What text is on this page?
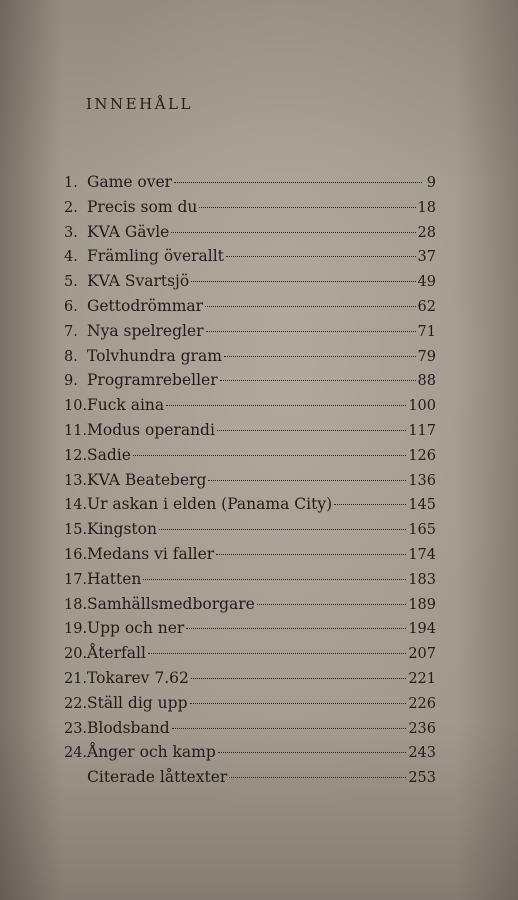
INNEHÅLL
1. Game over	9
2. Precis som du	18
3. KVA Gävle	28
4. Främling överallt	37
5. KVA Svartsjö	49
6. Gettodrömmar	62
7. Nya spelregler	71
8. Tolvhundra gram	79
9. Programrebeller	88
10. Fuck aina	100
11. Modus operandi	117
12. Sadie	126
13. KVA Beateberg	136
14. Ur askan i elden (Panama City)	145
15. Kingston	165
16. Medans vi faller	174
17. Hatten	183
18. Samhällsmedborgare	189
19. Upp och ner	194
20. Återfall	207
21. Tokarev 7.62	221
22. Ställ dig upp	226
23. Blodsband	236
24. Ånger och kamp	243
Citerade låttexter	253
